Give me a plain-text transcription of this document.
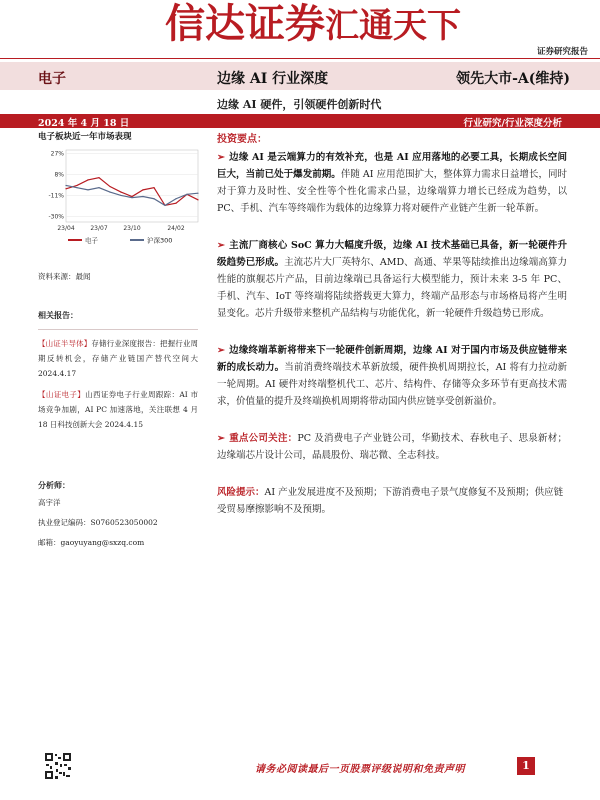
信达证券汇通天下
证券研究报告
电子	边缘 AI 行业深度	领先大市-A(维持)
边缘 AI 硬件，引领硬件创新时代
2024 年 4 月 18 日	行业研究/行业深度分析
电子板块近一年市场表现
27%
8%
-11%
-30%
23/04	23/07	23/10	24/02
电子	沪深300
资料来源：最闻
相关报告：
【山证半导体】存储行业深度报告：把握行业周期反转机会，存储产业链国产替代空间大 2024.4.17
【山证电子】山西证券电子行业周跟踪：AI 市场竞争加剧，AI PC 加速落地，关注联想 4 月 18 日科技创新大会 2024.4.15
分析师：
高宇洋
执业登记编码：S0760523050002
邮箱：gaoyuyang@sxzq.com
投资要点：
➢ 边缘 AI 是云端算力的有效补充，也是 AI 应用落地的必要工具，长期成长空间巨大，当前已处于爆发前期。伴随 AI 应用范围扩大，整体算力需求日益增长，同时对于算力及时性、安全性等个性化需求凸显，边缘端算力增长已经成为趋势，以 PC、手机、汽车等终端作为载体的边缘算力将对硬件产业链产生新一轮革新。
➢ 主流厂商核心 SoC 算力大幅度升级，边缘 AI 技术基础已具备，新一轮硬件升级趋势已形成。主流芯片大厂英特尔、AMD、高通、苹果等陆续推出边缘端高算力性能的旗舰芯片产品，目前边缘端已具备运行大模型能力，预计未来 3-5 年 PC、手机、汽车、IoT 等终端将陆续搭载更大算力，终端产品形态与市场格局将产生明显变化。芯片升级带来整机产品结构与功能优化，新一轮硬件升级趋势已形成。
➢ 边缘终端革新将带来下一轮硬件创新周期，边缘 AI 对于国内市场及供应链带来新的成长动力。当前消费终端技术革新放缓，硬件换机周期拉长，AI 将有力拉动新一轮周期。AI 硬件对终端整机代工、芯片、结构件、存储等众多环节有更高技术需求，价值量的提升及终端换机周期将带动国内供应链享受创新溢价。
➢ 重点公司关注：PC 及消费电子产业链公司，华勤技术、春秋电子、思泉新材；边缘端芯片设计公司，晶晨股份、瑞芯微、全志科技。
风险提示：AI 产业发展进度不及预期；下游消费电子景气度修复不及预期；供应链受贸易摩擦影响不及预期。
请务必阅读最后一页股票评级说明和免责声明	1
